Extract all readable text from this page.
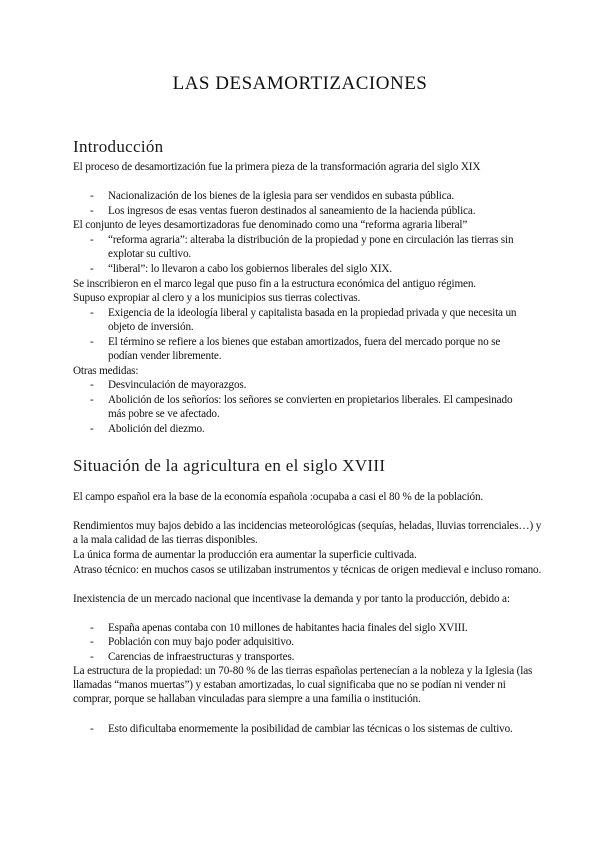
LAS DESAMORTIZACIONES
Introducción
El proceso de desamortización fue la primera pieza de la transformación agraria del siglo XIX
- Nacionalización de los bienes de la iglesia para ser vendidos en subasta pública.
- Los ingresos de esas ventas fueron destinados al saneamiento de la hacienda pública.
El conjunto de leyes desamortizadoras fue denominado como una “reforma agraria liberal”
- “reforma agraria”: alteraba la distribución de la propiedad y pone en circulación las tierras sin explotar su cultivo.
- “liberal”: lo llevaron a cabo los gobiernos liberales del siglo XIX.
Se inscribieron en el marco legal que puso fin a la estructura económica del antiguo régimen.
Supuso expropiar al clero y a los municipios sus tierras colectivas.
- Exigencia de la ideología liberal y capitalista basada en la propiedad privada y que necesita un objeto de inversión.
- El término se refiere a los bienes que estaban amortizados, fuera del mercado porque no se podían vender libremente.
Otras medidas:
- Desvinculación de mayorazgos.
- Abolición de los señoríos: los señores se convierten en propietarios liberales. El campesinado más pobre se ve afectado.
- Abolición del diezmo.
Situación de la agricultura en el siglo XVIII
El campo español era la base de la economía española :ocupaba a casi el 80 % de la población.
Rendimientos muy bajos debido a las incidencias meteorológicas (sequías, heladas, lluvias torrenciales…) y a la mala calidad de las tierras disponibles.
La única forma de aumentar la producción era aumentar la superficie cultivada.
Atraso técnico: en muchos casos se utilizaban instrumentos y técnicas de origen medieval e incluso romano.
Inexistencia de un mercado nacional que incentivase la demanda y por tanto la producción, debido a:
- España apenas contaba con 10 millones de habitantes hacia finales del siglo XVIII.
- Población con muy bajo poder adquisitivo.
- Carencias de infraestructuras y transportes.
La estructura de la propiedad: un 70-80 % de las tierras españolas pertenecían a la nobleza y la Iglesia (las llamadas “manos muertas”) y estaban amortizadas, lo cual significaba que no se podían ni vender ni comprar, porque se hallaban vinculadas para siempre a una familia o institución.
- Esto dificultaba enormemente la posibilidad de cambiar las técnicas o los sistemas de cultivo.
